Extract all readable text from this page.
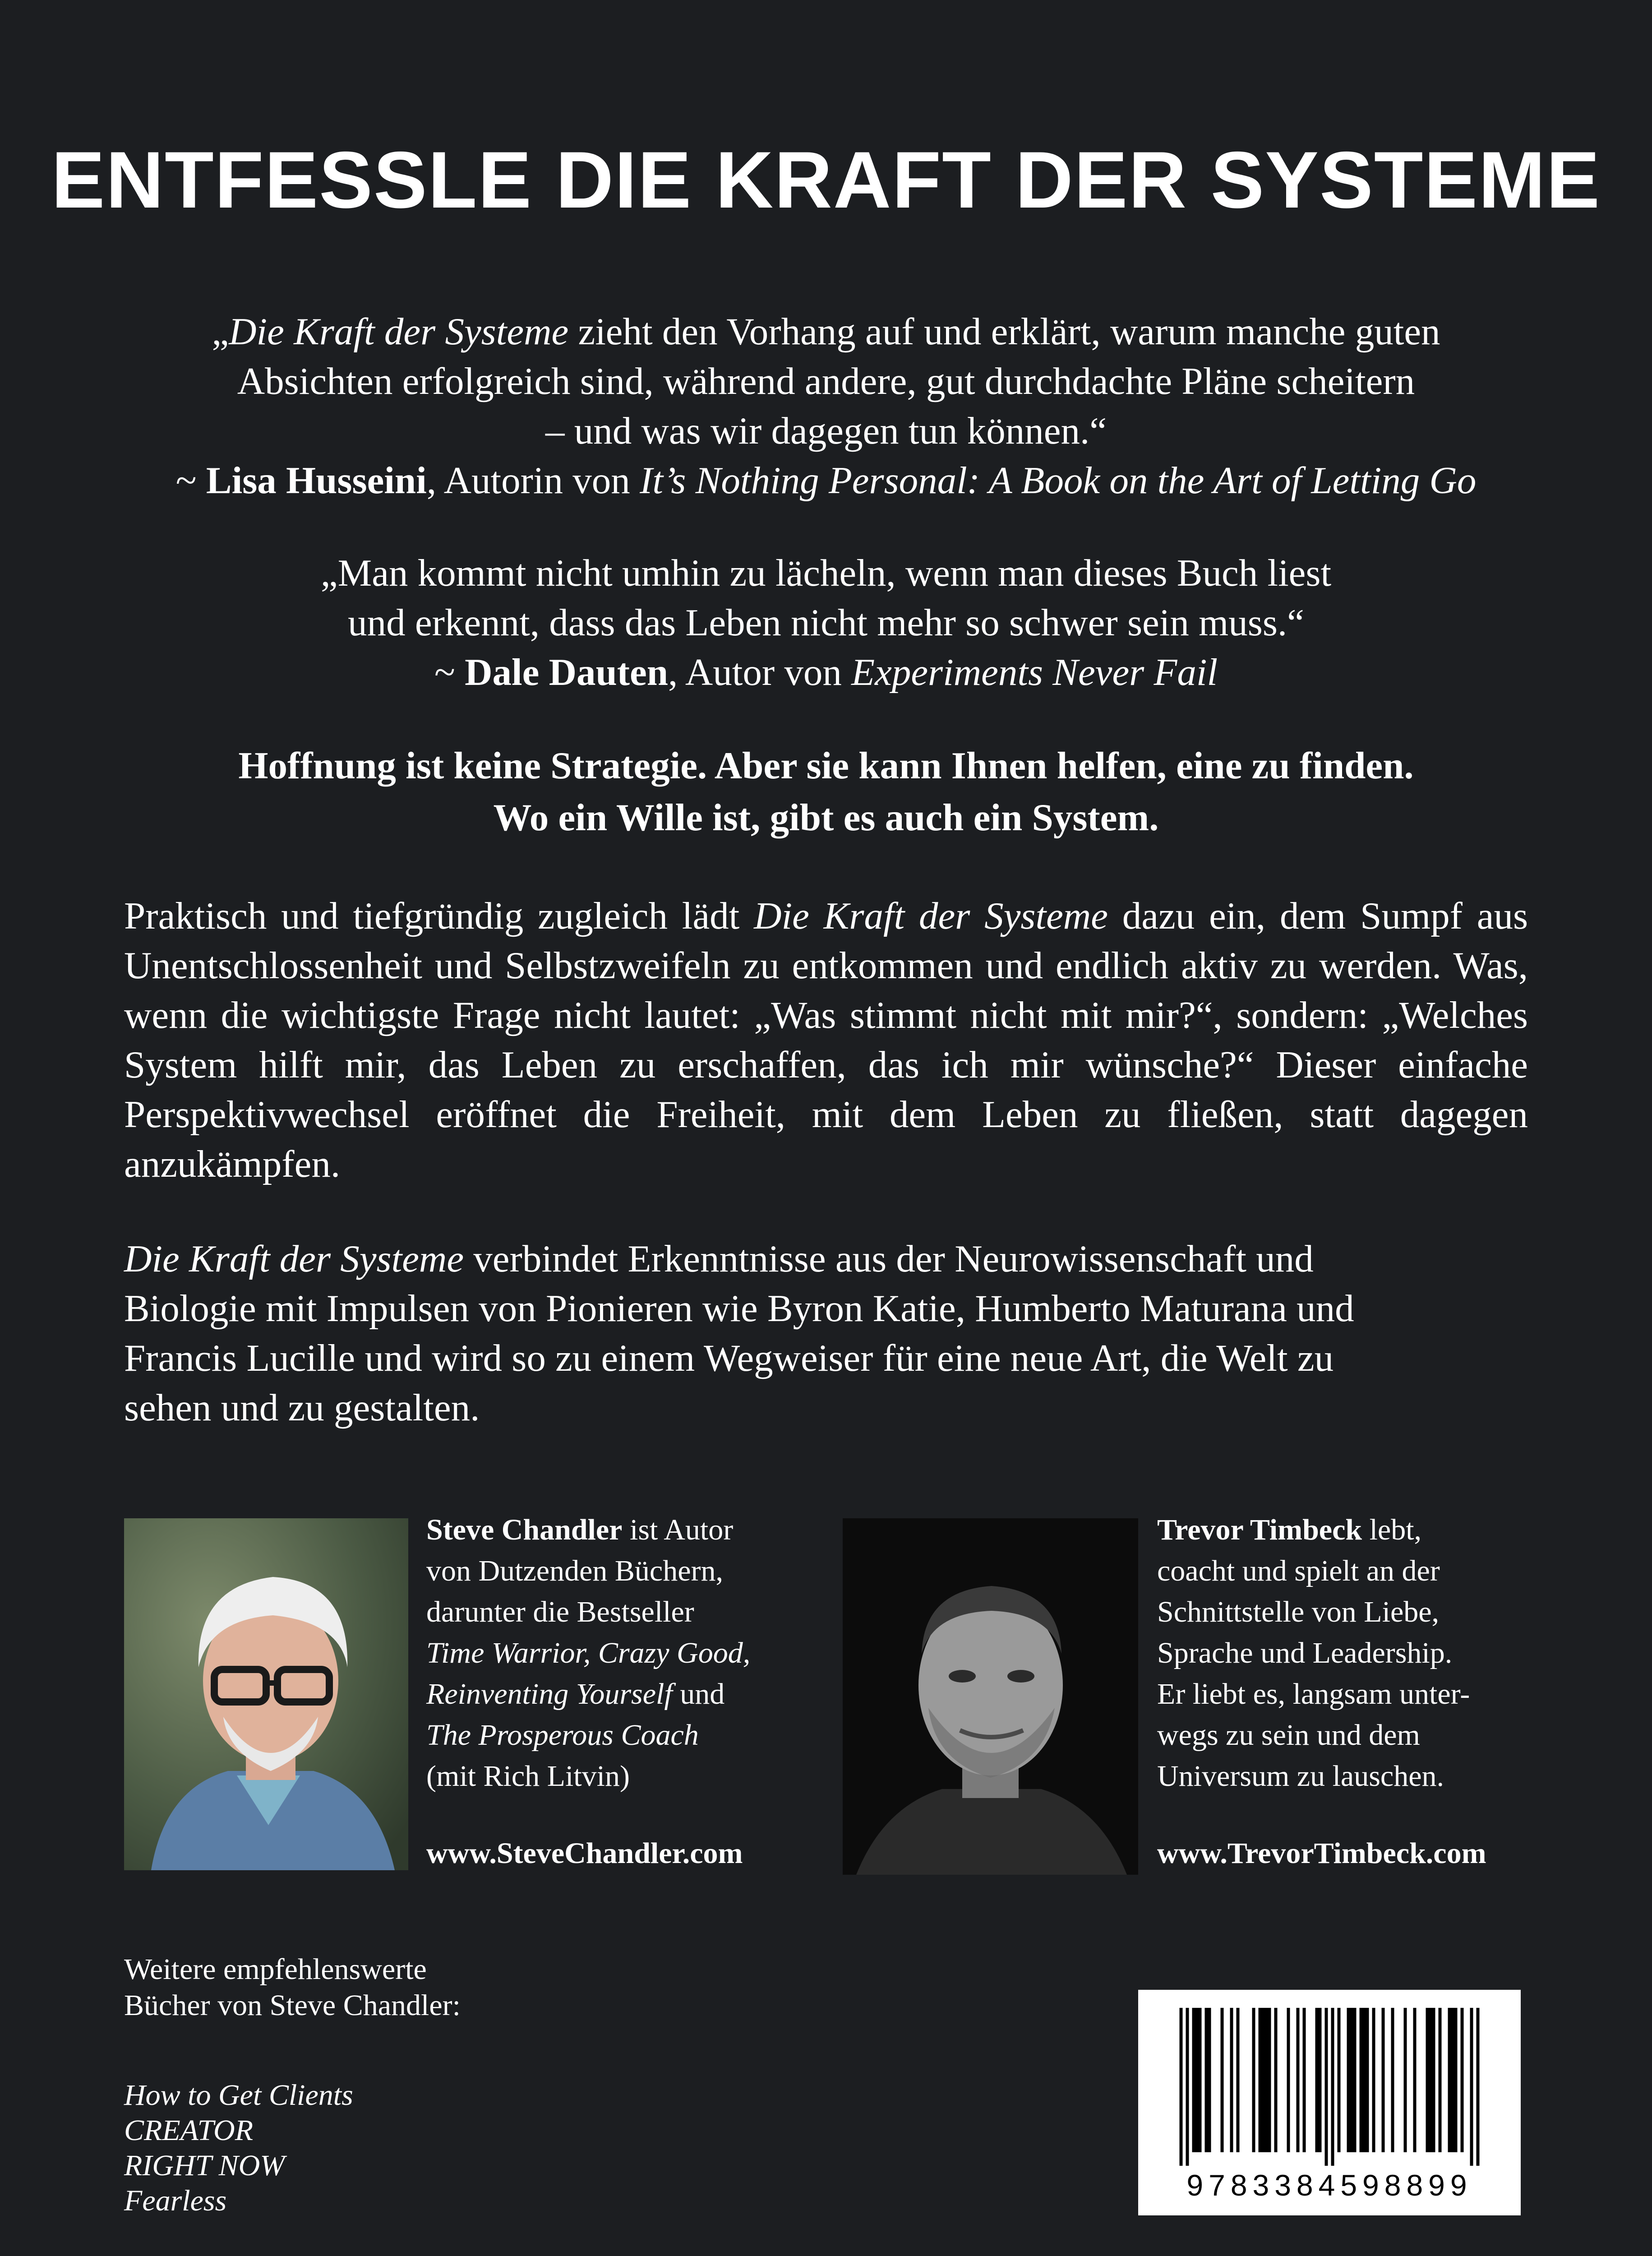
ENTFESSLE DIE KRAFT DER SYSTEME
„Die Kraft der Systeme zieht den Vorhang auf und erklärt, warum manche guten
Absichten erfolgreich sind, während andere, gut durchdachte Pläne scheitern
– und was wir dagegen tun können.“
~ Lisa Husseini, Autorin von It’s Nothing Personal: A Book on the Art of Letting Go
„Man kommt nicht umhin zu lächeln, wenn man dieses Buch liest
und erkennt, dass das Leben nicht mehr so schwer sein muss.“
~ Dale Dauten, Autor von Experiments Never Fail
Hoffnung ist keine Strategie. Aber sie kann Ihnen helfen, eine zu finden.
Wo ein Wille ist, gibt es auch ein System.
Praktisch und tiefgründig zugleich lädt Die Kraft der Systeme dazu ein, dem Sumpf aus Unentschlossenheit und Selbstzweifeln zu entkommen und endlich aktiv zu werden. Was, wenn die wichtigste Frage nicht lautet: „Was stimmt nicht mit mir?“, sondern: „Welches System hilft mir, das Leben zu erschaffen, das ich mir wünsche?“ Dieser einfache Perspektivwechsel eröffnet die Freiheit, mit dem Leben zu fließen, statt dagegen anzukämpfen.
Die Kraft der Systeme verbindet Erkenntnisse aus der Neurowissenschaft und
Biologie mit Impulsen von Pionieren wie Byron Katie, Humberto Maturana und
Francis Lucille und wird so zu einem Wegweiser für eine neue Art, die Welt zu
sehen und zu gestalten.
Steve Chandler ist Autor
von Dutzenden Büchern,
darunter die Bestseller
Time Warrior, Crazy Good,
Reinventing Yourself und
The Prosperous Coach
(mit Rich Litvin)
www.SteveChandler.com
Trevor Timbeck lebt,
coacht und spielt an der
Schnittstelle von Liebe,
Sprache und Leadership.
Er liebt es, langsam unter-
wegs zu sein und dem
Universum zu lauschen.
www.TrevorTimbeck.com
Weitere empfehlenswerte
Bücher von Steve Chandler:
How to Get Clients
CREATOR
RIGHT NOW
Fearless	9783384598899
